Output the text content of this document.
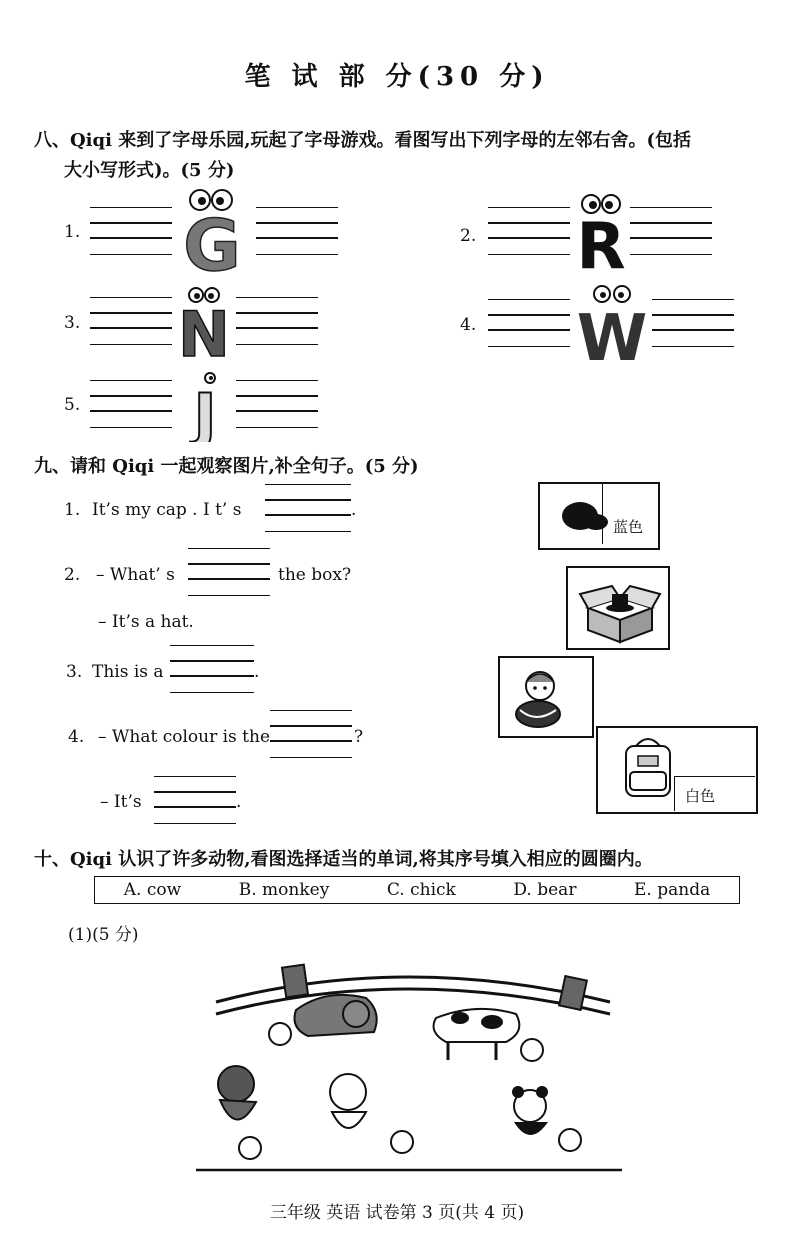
笔 试 部 分(30 分)
八、Qiqi 来到了字母乐园,玩起了字母游戏。看图写出下列字母的左邻右舍。(包括
大小写形式)。(5 分)
1. G	2. R
3. N	4. W
5. J
九、请和 Qiqi 一起观察图片,补全句子。(5 分)
1. It’s my cap . I t’ s	.
2. – What’ s	the box?
– It’s a hat.
3. This is a	.
4. – What colour is the	?
– It’s	.
蓝色
白色
十、Qiqi 认识了许多动物,看图选择适当的单词,将其序号填入相应的圆圈内。
A. cow	B. monkey	C. chick	D. bear	E. panda
(1)(5 分)
三年级 英语 试卷第 3 页(共 4 页)
